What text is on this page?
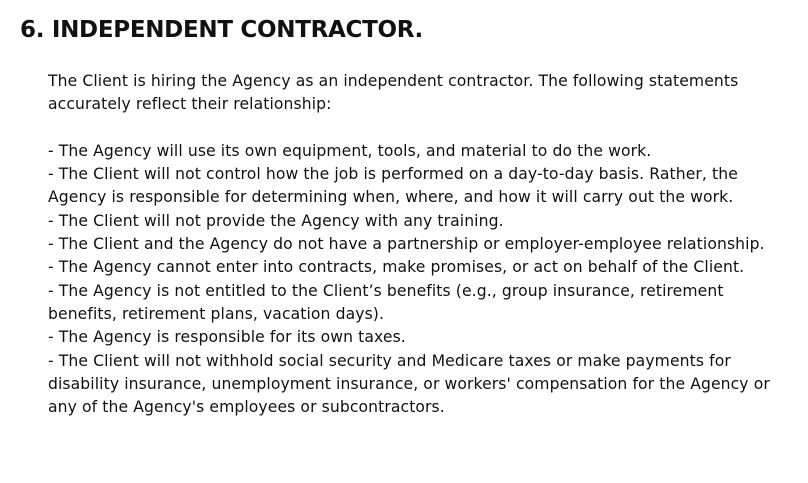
6. INDEPENDENT CONTRACTOR.

The Client is hiring the Agency as an independent contractor. The following statements accurately reflect their relationship:

- The Agency will use its own equipment, tools, and material to do the work.

- The Client will not control how the job is performed on a day-to-day basis. Rather, the Agency is responsible for determining when, where, and how it will carry out the work.

- The Client will not provide the Agency with any training.

- The Client and the Agency do not have a partnership or employer-employee relationship.

- The Agency cannot enter into contracts, make promises, or act on behalf of the Client.

- The Agency is not entitled to the Client’s benefits (e.g., group insurance, retirement benefits, retirement plans, vacation days).

- The Agency is responsible for its own taxes.

- The Client will not withhold social security and Medicare taxes or make payments for disability insurance, unemployment insurance, or workers' compensation for the Agency or any of the Agency's employees or subcontractors.
